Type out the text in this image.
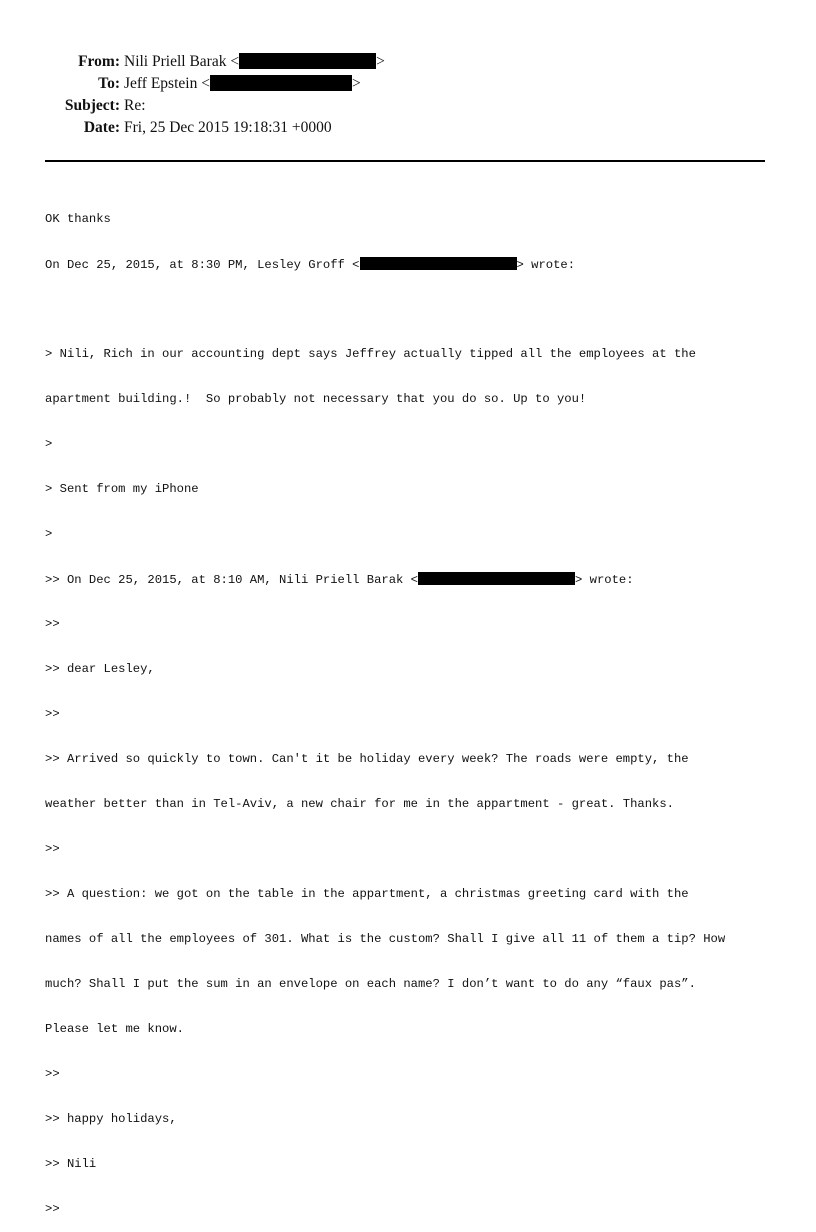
From: Nili Priell Barak <	>
To: Jeff Epstein <	>
Subject: Re:
Date: Fri, 25 Dec 2015 19:18:31 +0000

OK thanks

On Dec 25, 2015, at 8:30 PM, Lesley Groff <	> wrote:

> Nili, Rich in our accounting dept says Jeffrey actually tipped all the employees at the

apartment building.!  So probably not necessary that you do so. Up to you!

>

> Sent from my iPhone

>

>> On Dec 25, 2015, at 8:10 AM, Nili Priell Barak <	> wrote:

>>

>> dear Lesley,

>>

>> Arrived so quickly to town. Can't it be holiday every week? The roads were empty, the

weather better than in Tel-Aviv, a new chair for me in the appartment - great. Thanks.

>>

>> A question: we got on the table in the appartment, a christmas greeting card with the

names of all the employees of 301. What is the custom? Shall I give all 11 of them a tip? How

much? Shall I put the sum in an envelope on each name? I don’t want to do any “faux pas”.

Please let me know.

>>

>> happy holidays,

>> Nili

>>
